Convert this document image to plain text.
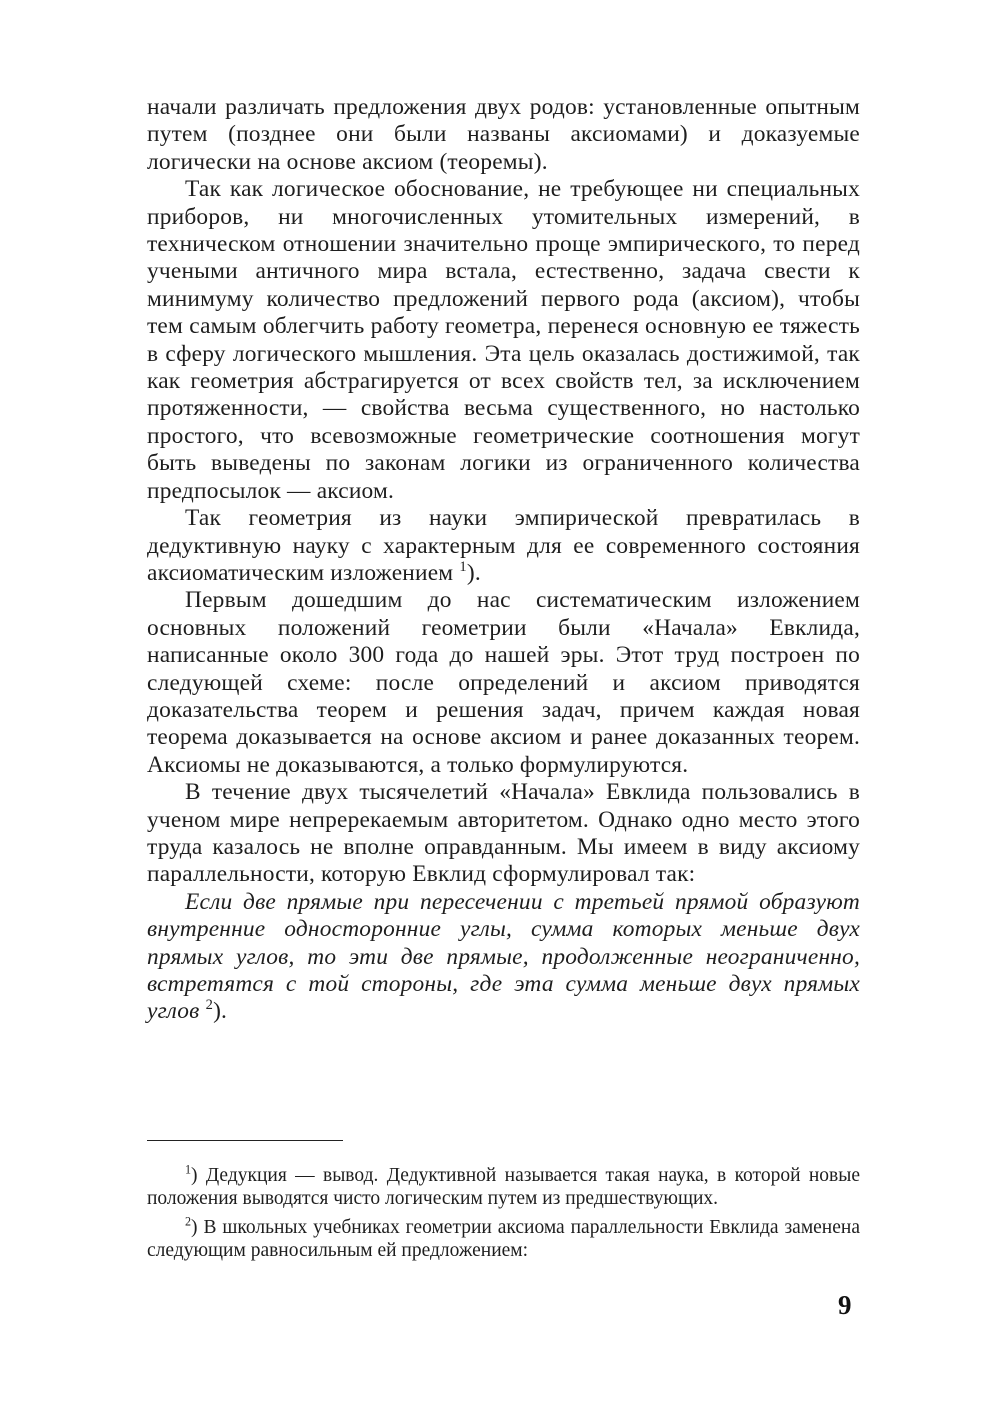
начали различать предложения двух родов: установленные опытным путем (позднее они были названы аксиомами) и доказуемые логически на основе аксиом (теоремы).

Так как логическое обоснование, не требующее ни специальных приборов, ни многочисленных утомительных измерений, в техническом отношении значительно проще эмпирического, то перед учеными античного мира встала, естественно, задача свести к минимуму количество предложений первого рода (аксиом), чтобы тем самым облегчить работу геометра, перенеся основную ее тяжесть в сферу логического мышления. Эта цель оказалась достижимой, так как геометрия абстрагируется от всех свойств тел, за исключением протяженности, — свойства весьма существенного, но настолько простого, что всевозможные геометрические соотношения могут быть выведены по законам логики из ограниченного количества предпосылок — аксиом.

Так геометрия из науки эмпирической превратилась в дедуктивную науку с характерным для ее современного состояния аксиоматическим изложением $^1$).

Первым дошедшим до нас систематическим изложением основных положений геометрии были «Начала» Евклида, написанные около 300 года до нашей эры. Этот труд построен по следующей схеме: после определений и аксиом приводятся доказательства теорем и решения задач, причем каждая новая теорема доказывается на основе аксиом и ранее доказанных теорем. Аксиомы не доказываются, а только формулируются.

В течение двух тысячелетий «Начала» Евклида пользовались в ученом мире непререкаемым авторитетом. Однако одно место этого труда казалось не вполне оправданным. Мы имеем в виду аксиому параллельности, которую Евклид сформулировал так:

Если две прямые при пересечении с третьей прямой образуют внутренние односторонние углы, сумма которых меньше двух прямых углов, то эти две прямые, продолженные неограниченно, встретятся с той стороны, где эта сумма меньше двух прямых углов $^2$).

$^1$) Дедукция — вывод. Дедуктивной называется такая наука, в которой новые положения выводятся чисто логическим путем из предшествующих.

$^2$) В школьных учебниках геометрии аксиома параллельности Евклида заменена следующим равносильным ей предложением:

9
